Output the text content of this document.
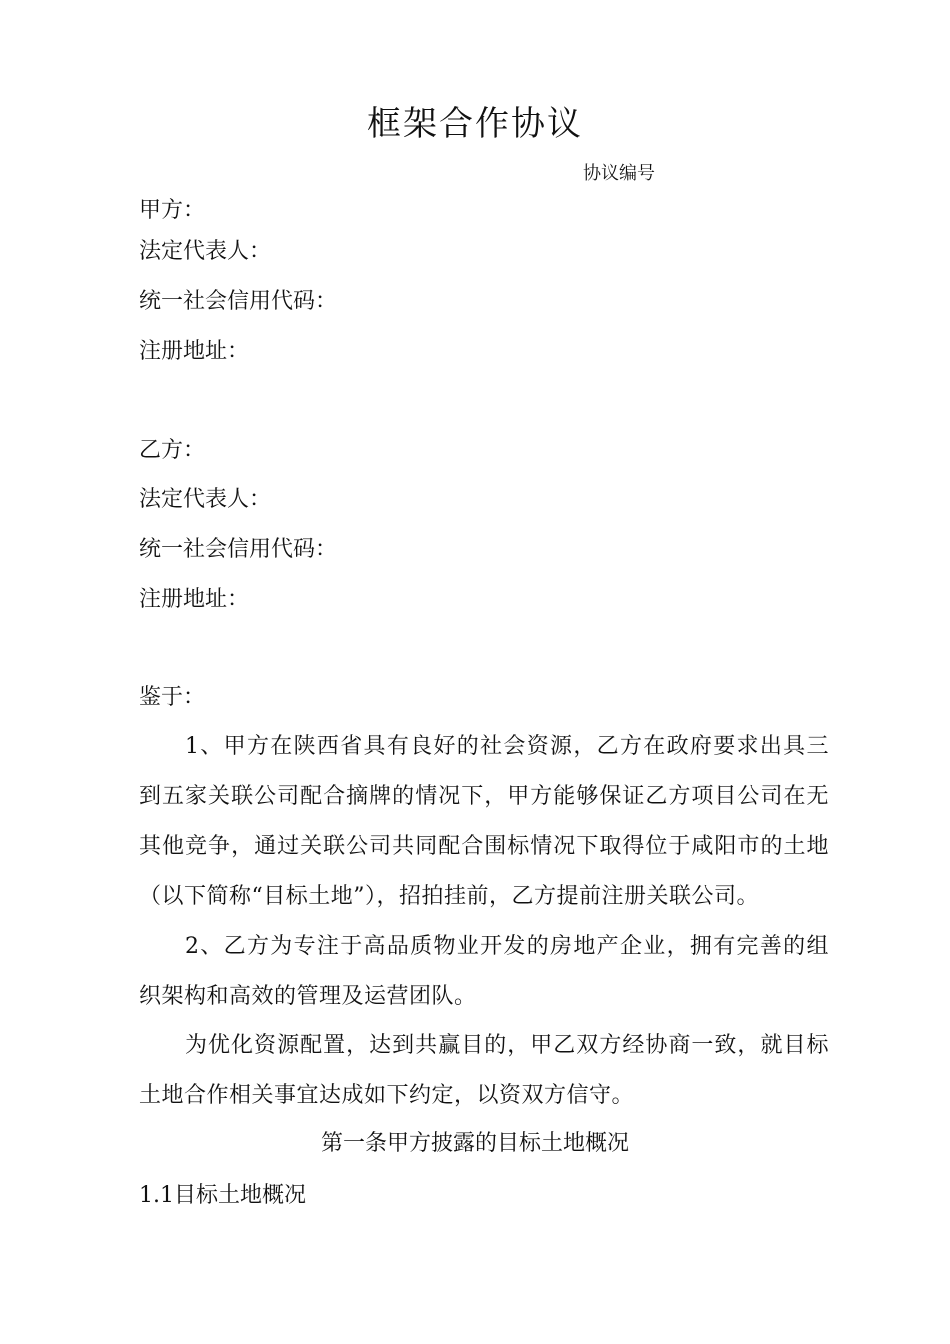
框架合作协议
协议编号
甲方：
法定代表人：
统一社会信用代码：
注册地址：
乙方：
法定代表人：
统一社会信用代码：
注册地址：
鉴于：
1、甲方在陕西省具有良好的社会资源，乙方在政府要求出具三到五家关联公司配合摘牌的情况下，甲方能够保证乙方项目公司在无其他竞争，通过关联公司共同配合围标情况下取得位于咸阳市的土地（以下简称“目标土地”），招拍挂前，乙方提前注册关联公司。
2、乙方为专注于高品质物业开发的房地产企业，拥有完善的组织架构和高效的管理及运营团队。
为优化资源配置，达到共赢目的，甲乙双方经协商一致，就目标土地合作相关事宜达成如下约定，以资双方信守。
第一条甲方披露的目标土地概况
1.1目标土地概况
